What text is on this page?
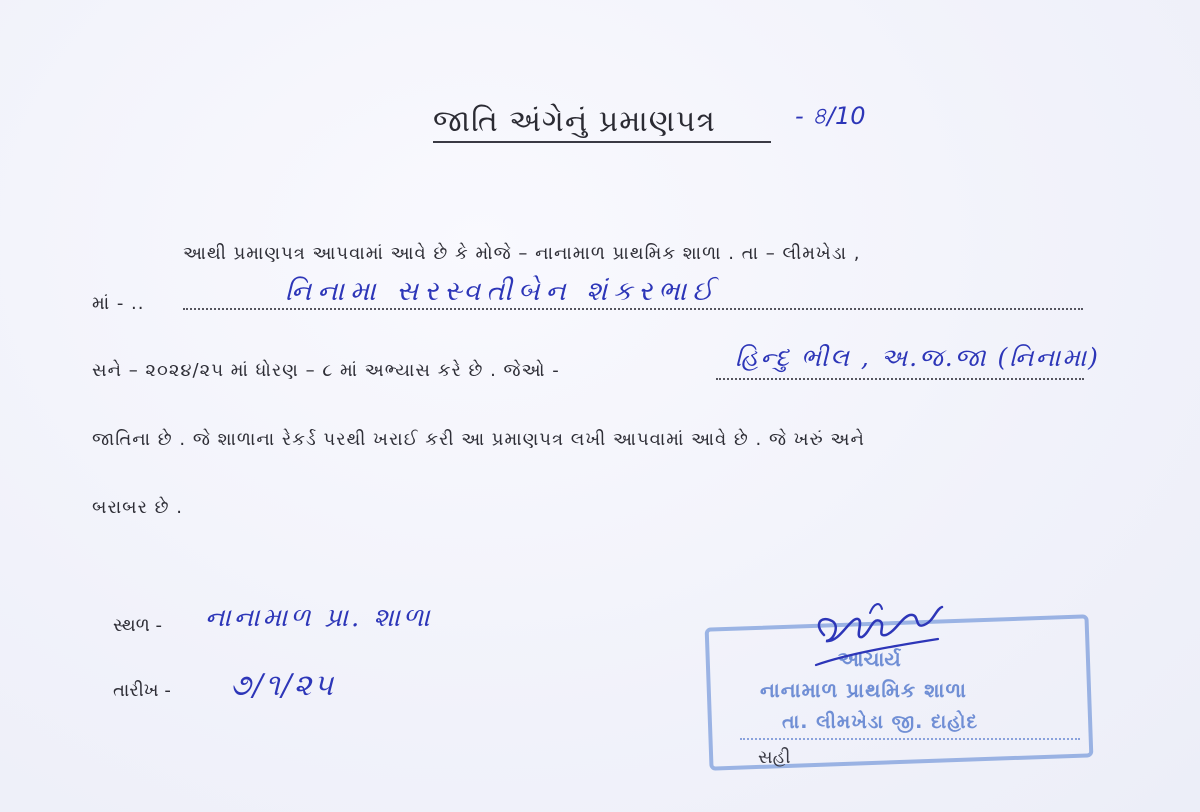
જાતિ અંગેનું પ્રમાણપત્ર	- ৪/10
આથી પ્રમાણપત્ર આપવામાં આવે છે કે મોજે – નાનામાળ પ્રાથમિક શાળા . તા – લીમખેડા ,
માં - ..	નિનામા સરસ્વતીબેન શંકરભાઈ
સને – ૨૦૨૪/૨૫ માં ધોરણ – ૮ માં અભ્યાસ કરે છે . જેઓ -	હિન્દુ ભીલ , અ.જ.જા (નિનામા)
જાતિના છે . જે શાળાના રેકર્ડ પરથી ખરાઈ કરી આ પ્રમાણપત્ર લખી આપવામાં આવે છે . જે ખરું અને
બરાબર છે .
સ્થળ - નાનામાળ પ્રા. શાળા
તારીખ - ૭/૧/૨૫
આચાર્ય
નાનામાળ પ્રાથમિક શાળા
તા. લીમખેડા જી. દાહોદ
સહી
